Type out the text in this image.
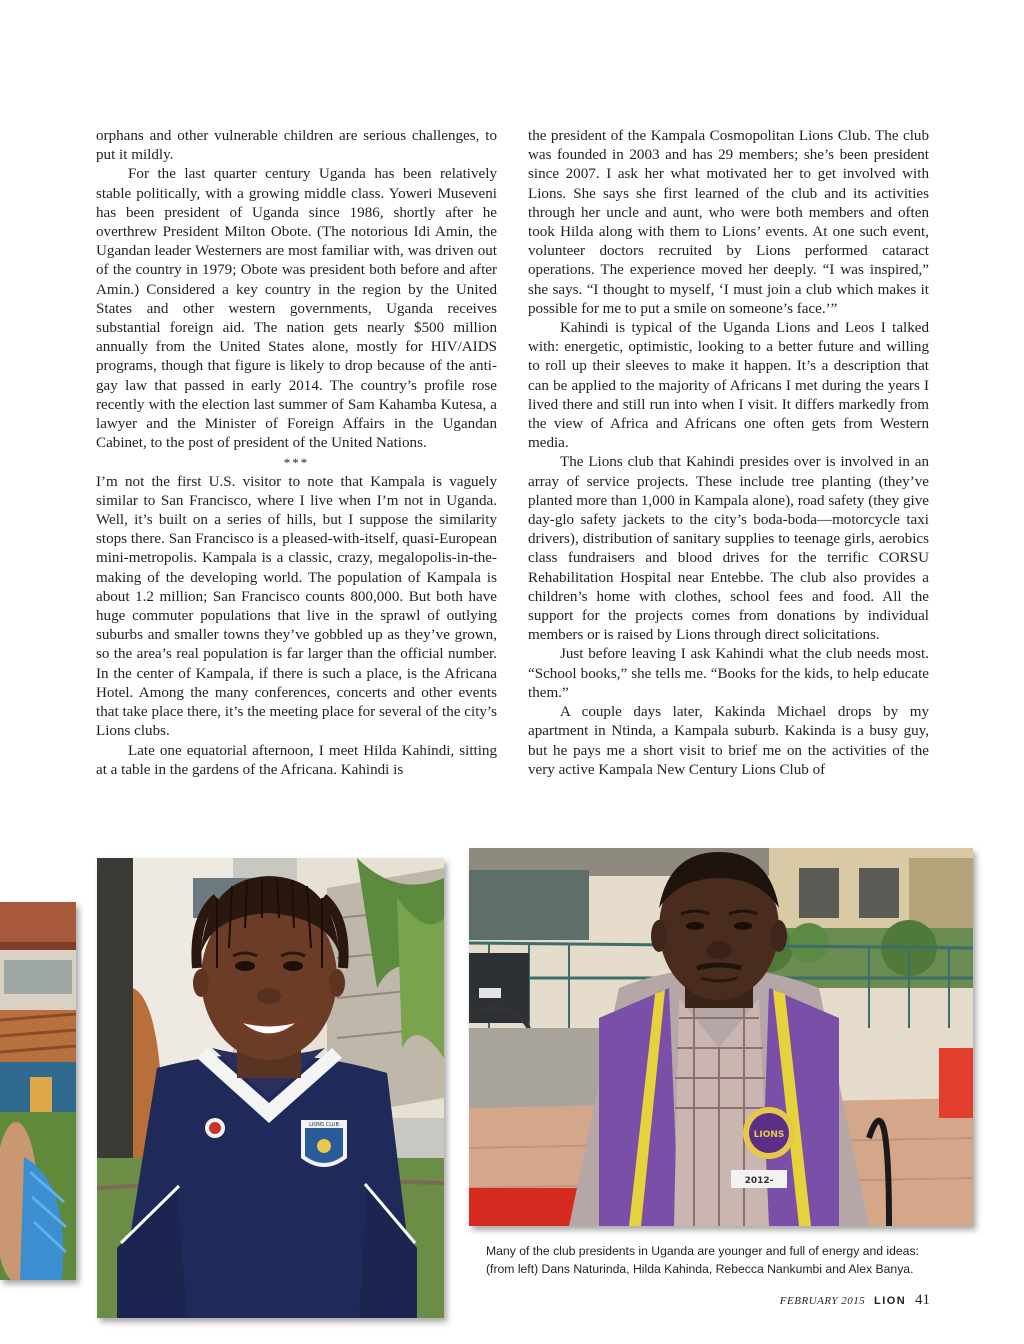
orphans and other vulnerable children are serious challenges, to put it mildly.

For the last quarter century Uganda has been relatively stable politically, with a growing middle class. Yoweri Museveni has been president of Uganda since 1986, shortly after he overthrew President Milton Obote. (The notorious Idi Amin, the Ugandan leader Westerners are most familiar with, was driven out of the country in 1979; Obote was president both before and after Amin.) Considered a key country in the region by the United States and other western governments, Uganda receives substantial foreign aid. The nation gets nearly $500 million annually from the United States alone, mostly for HIV/AIDS programs, though that figure is likely to drop because of the anti-gay law that passed in early 2014. The country’s profile rose recently with the election last summer of Sam Kahamba Kutesa, a lawyer and the Minister of Foreign Affairs in the Ugandan Cabinet, to the post of president of the United Nations.

***

I’m not the first U.S. visitor to note that Kampala is vaguely similar to San Francisco, where I live when I’m not in Uganda. Well, it’s built on a series of hills, but I suppose the similarity stops there. San Francisco is a pleased-with-itself, quasi-European mini-metropolis. Kampala is a classic, crazy, megalopolis-in-the-making of the developing world. The population of Kampala is about 1.2 million; San Francisco counts 800,000. But both have huge commuter populations that live in the sprawl of outlying suburbs and smaller towns they’ve gobbled up as they’ve grown, so the area’s real population is far larger than the official number. In the center of Kampala, if there is such a place, is the Africana Hotel. Among the many conferences, concerts and other events that take place there, it’s the meeting place for several of the city’s Lions clubs.

Late one equatorial afternoon, I meet Hilda Kahindi, sitting at a table in the gardens of the Africana. Kahindi is

the president of the Kampala Cosmopolitan Lions Club. The club was founded in 2003 and has 29 members; she’s been president since 2007. I ask her what motivated her to get involved with Lions. She says she first learned of the club and its activities through her uncle and aunt, who were both members and often took Hilda along with them to Lions’ events. At one such event, volunteer doctors recruited by Lions performed cataract operations. The experience moved her deeply. “I was inspired,” she says. “I thought to myself, ‘I must join a club which makes it possible for me to put a smile on someone’s face.’”

Kahindi is typical of the Uganda Lions and Leos I talked with: energetic, optimistic, looking to a better future and willing to roll up their sleeves to make it happen. It’s a description that can be applied to the majority of Africans I met during the years I lived there and still run into when I visit. It differs markedly from the view of Africa and Africans one often gets from Western media.

The Lions club that Kahindi presides over is involved in an array of service projects. These include tree planting (they’ve planted more than 1,000 in Kampala alone), road safety (they give day-glo safety jackets to the city’s boda-boda—motorcycle taxi drivers), distribution of sanitary supplies to teenage girls, aerobics class fundraisers and blood drives for the terrific CORSU Rehabilitation Hospital near Entebbe. The club also provides a children’s home with clothes, school fees and food. All the support for the projects comes from donations by individual members or is raised by Lions through direct solicitations.

Just before leaving I ask Kahindi what the club needs most. “School books,” she tells me. “Books for the kids, to help educate them.”

A couple days later, Kakinda Michael drops by my apartment in Ntinda, a Kampala suburb. Kakinda is a busy guy, but he pays me a short visit to brief me on the activities of the very active Kampala New Century Lions Club of

LIONS CLUB
LIONS
2012-
Many of the club presidents in Uganda are younger and full of energy and ideas:
(from left) Dans Naturinda, Hilda Kahinda, Rebecca Nankumbi and Alex Banya.
FEBRUARY 2015 LION 41
